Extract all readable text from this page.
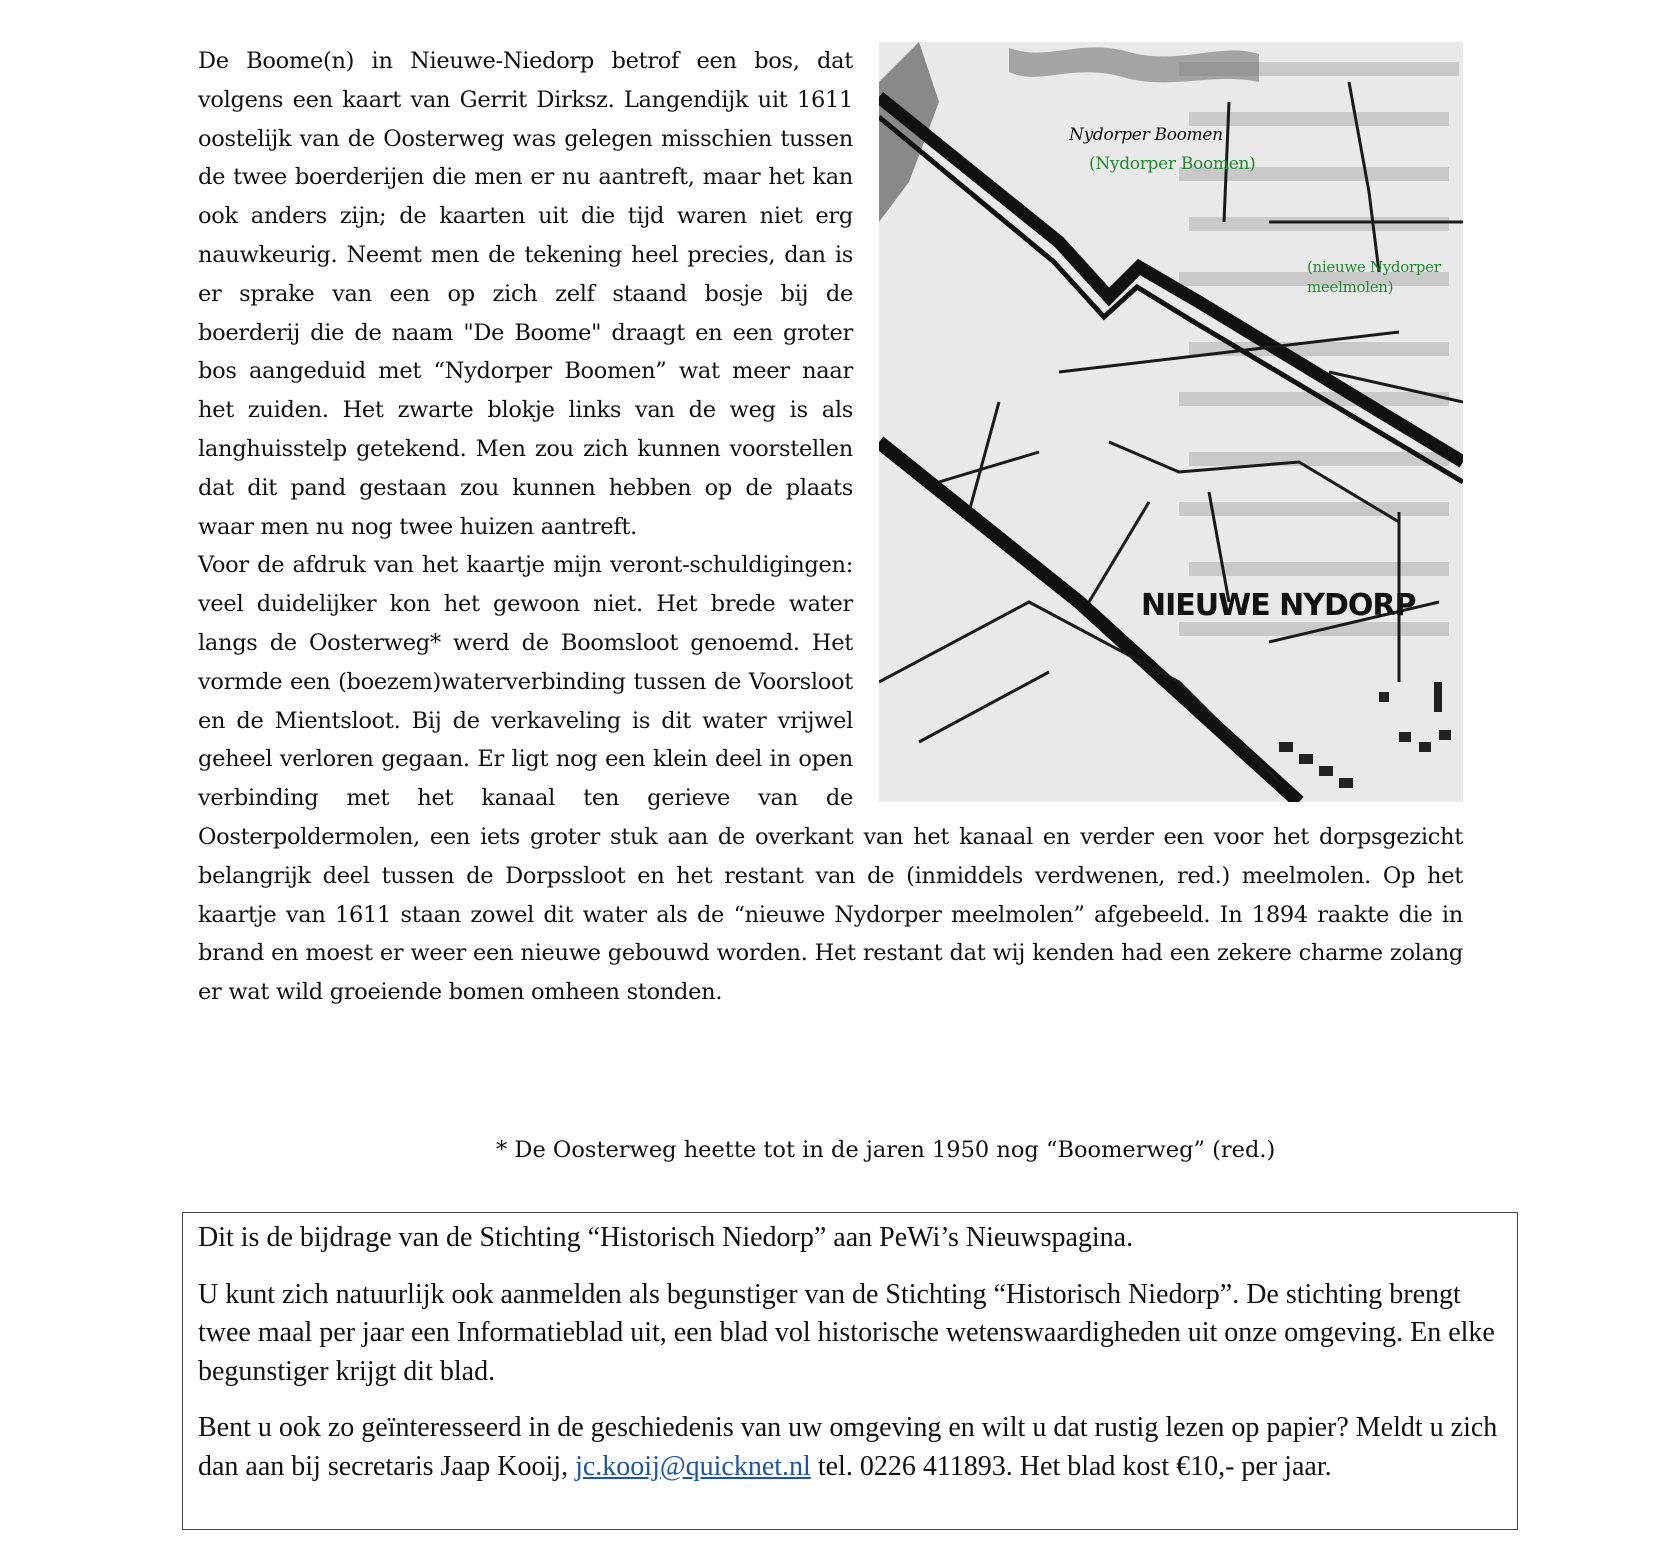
Nydorper Boomen
(Nydorper Boomen)
(nieuwe Nydorper
meelmolen)
NIEUWE NYDORP

De Boome(n) in Nieuwe-Niedorp betrof een bos, dat volgens een kaart van Gerrit Dirksz. Langendijk uit 1611 oostelijk van de Oosterweg was gelegen misschien tussen de twee boerderijen die men er nu aantreft, maar het kan ook anders zijn; de kaarten uit die tijd waren niet erg nauwkeurig. Neemt men de tekening heel precies, dan is er sprake van een op zich zelf staand bosje bij de boerderij die de naam "De Boome" draagt en een groter bos aangeduid met “Nydorper Boomen” wat meer naar het zuiden. Het zwarte blokje links van de weg is als langhuisstelp getekend. Men zou zich kunnen voorstellen dat dit pand gestaan zou kunnen hebben op de plaats waar men nu nog twee huizen aantreft.

Voor de afdruk van het kaartje mijn veront-schuldigingen: veel duidelijker kon het gewoon niet. Het brede water langs de Oosterweg* werd de Boomsloot genoemd. Het vormde een (boezem)waterverbinding tussen de Voorsloot en de Mientsloot. Bij de verkaveling is dit water vrijwel geheel verloren gegaan. Er ligt nog een klein deel in open verbinding met het kanaal ten gerieve van de Oosterpoldermolen, een iets groter stuk aan de overkant van het kanaal en verder een voor het dorpsgezicht belangrijk deel tussen de Dorpssloot en het restant van de (inmiddels verdwenen, red.) meelmolen. Op het kaartje van 1611 staan zowel dit water als de “nieuwe Nydorper meelmolen” afgebeeld. In 1894 raakte die in brand en moest er weer een nieuwe gebouwd worden. Het restant dat wij kenden had een zekere charme zolang er wat wild groeiende bomen omheen stonden.

* De Oosterweg heette tot in de jaren 1950 nog “Boomerweg” (red.)

Dit is de bijdrage van de Stichting “Historisch Niedorp” aan PeWi’s Nieuwspagina.

U kunt zich natuurlijk ook aanmelden als begunstiger van de Stichting “Historisch Niedorp”. De stichting brengt twee maal per jaar een Informatieblad uit, een blad vol historische wetenswaardigheden uit onze omgeving. En elke begunstiger krijgt dit blad.

Bent u ook zo geïnteresseerd in de geschiedenis van uw omgeving en wilt u dat rustig lezen op papier? Meldt u zich dan aan bij secretaris Jaap Kooij, jc.kooij@quicknet.nl tel. 0226 411893. Het blad kost €10,- per jaar.
